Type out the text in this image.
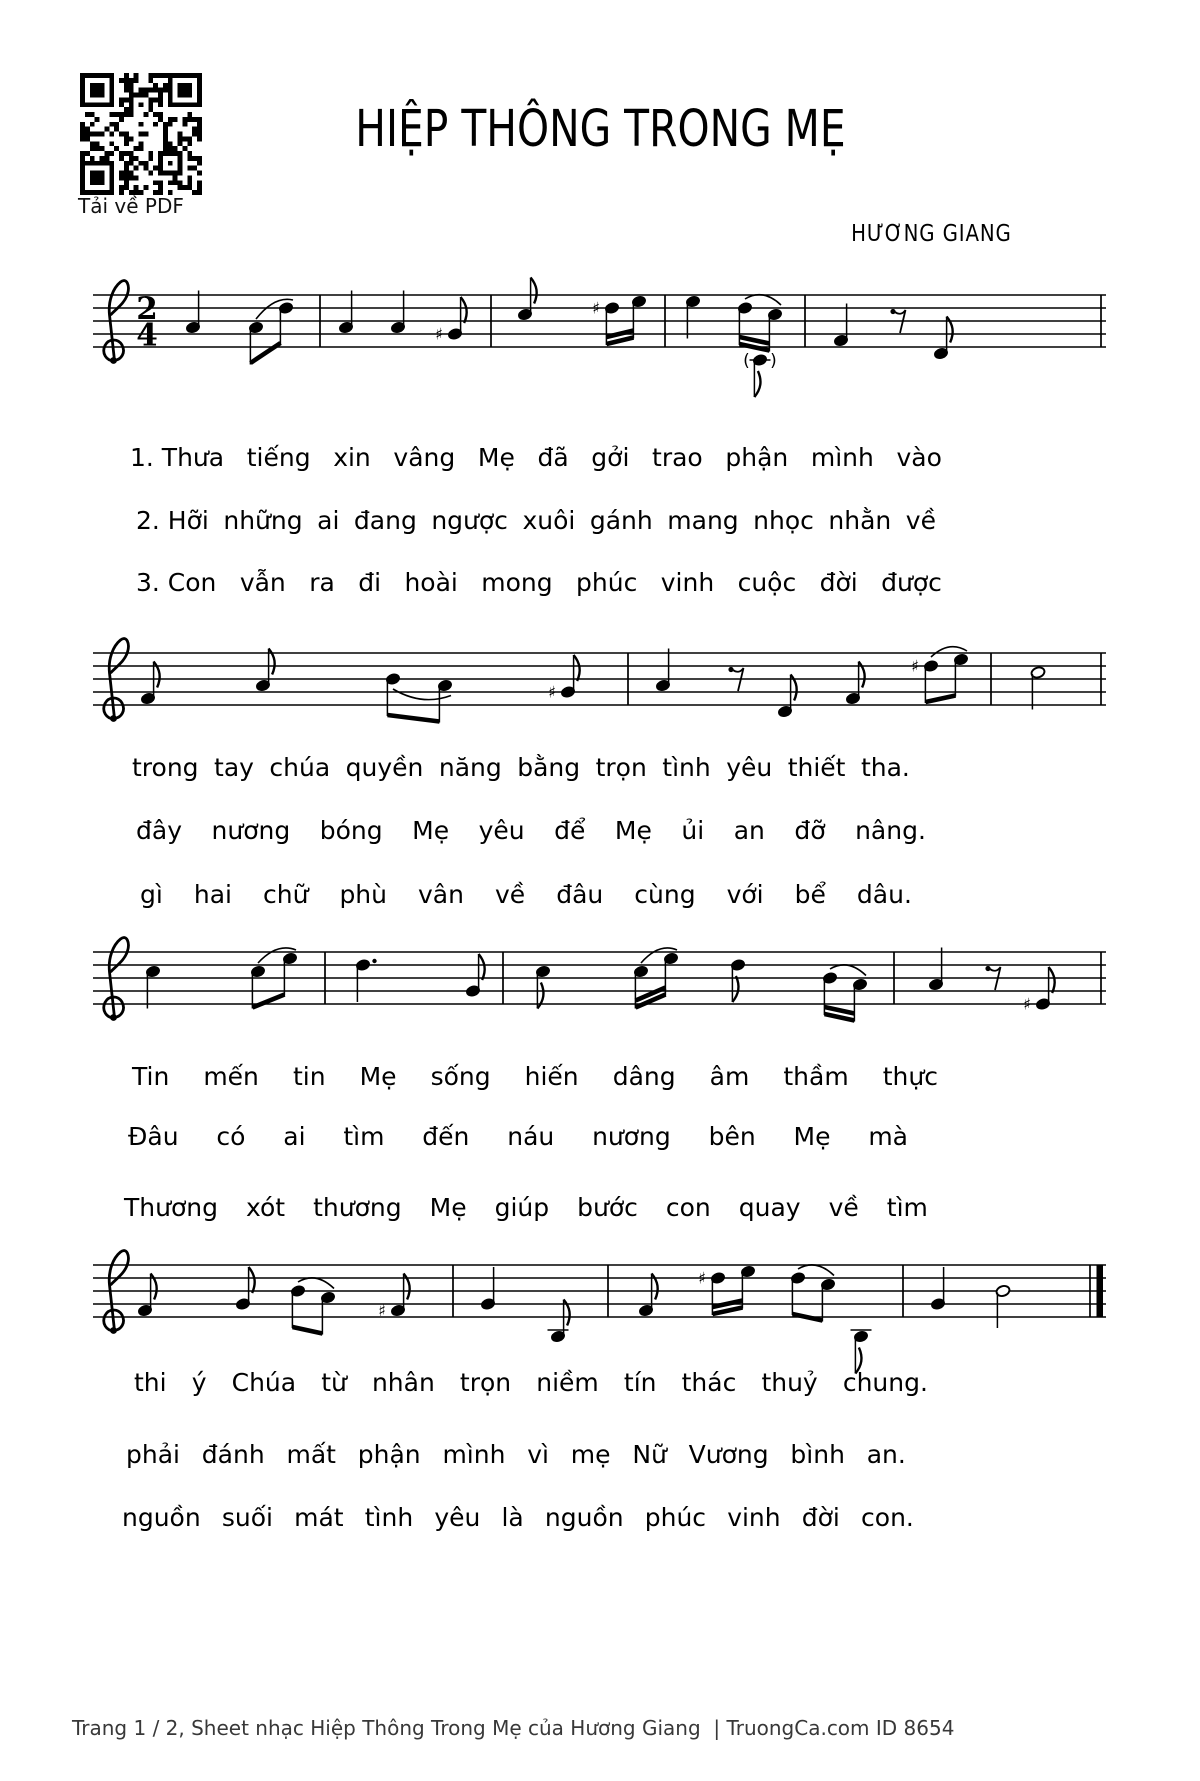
Tải về PDF
HIỆP THÔNG TRONG MẸ
HƯƠNG GIANG
2
4	♯
♯
( )
♯
♯
♯
♯
♯
1. Thưa tiếng xin vâng Mẹ đã gởi trao phận mình vào
2. Hỡi những ai đang ngược xuôi gánh mang nhọc nhằn về
3. Con vẫn ra đi hoài mong phúc vinh cuộc đời được
trong tay chúa quyền năng bằng trọn tình yêu thiết tha.
đây nương bóng Mẹ yêu để Mẹ ủi an đỡ nâng.
gì hai chữ phù vân về đâu cùng với bể dâu.
Tin mến tin Mẹ sống hiến dâng âm thầm thực
Đâu có ai tìm đến náu nương bên Mẹ mà
Thương xót thương Mẹ giúp bước con quay về tìm
thi ý Chúa từ nhân trọn niềm tín thác thuỷ chung.
phải đánh mất phận mình vì mẹ Nữ Vương bình an.
nguồn suối mát tình yêu là nguồn phúc vinh đời con.
Trang 1 / 2, Sheet nhạc Hiệp Thông Trong Mẹ của Hương Giang  | TruongCa.com ID 8654
